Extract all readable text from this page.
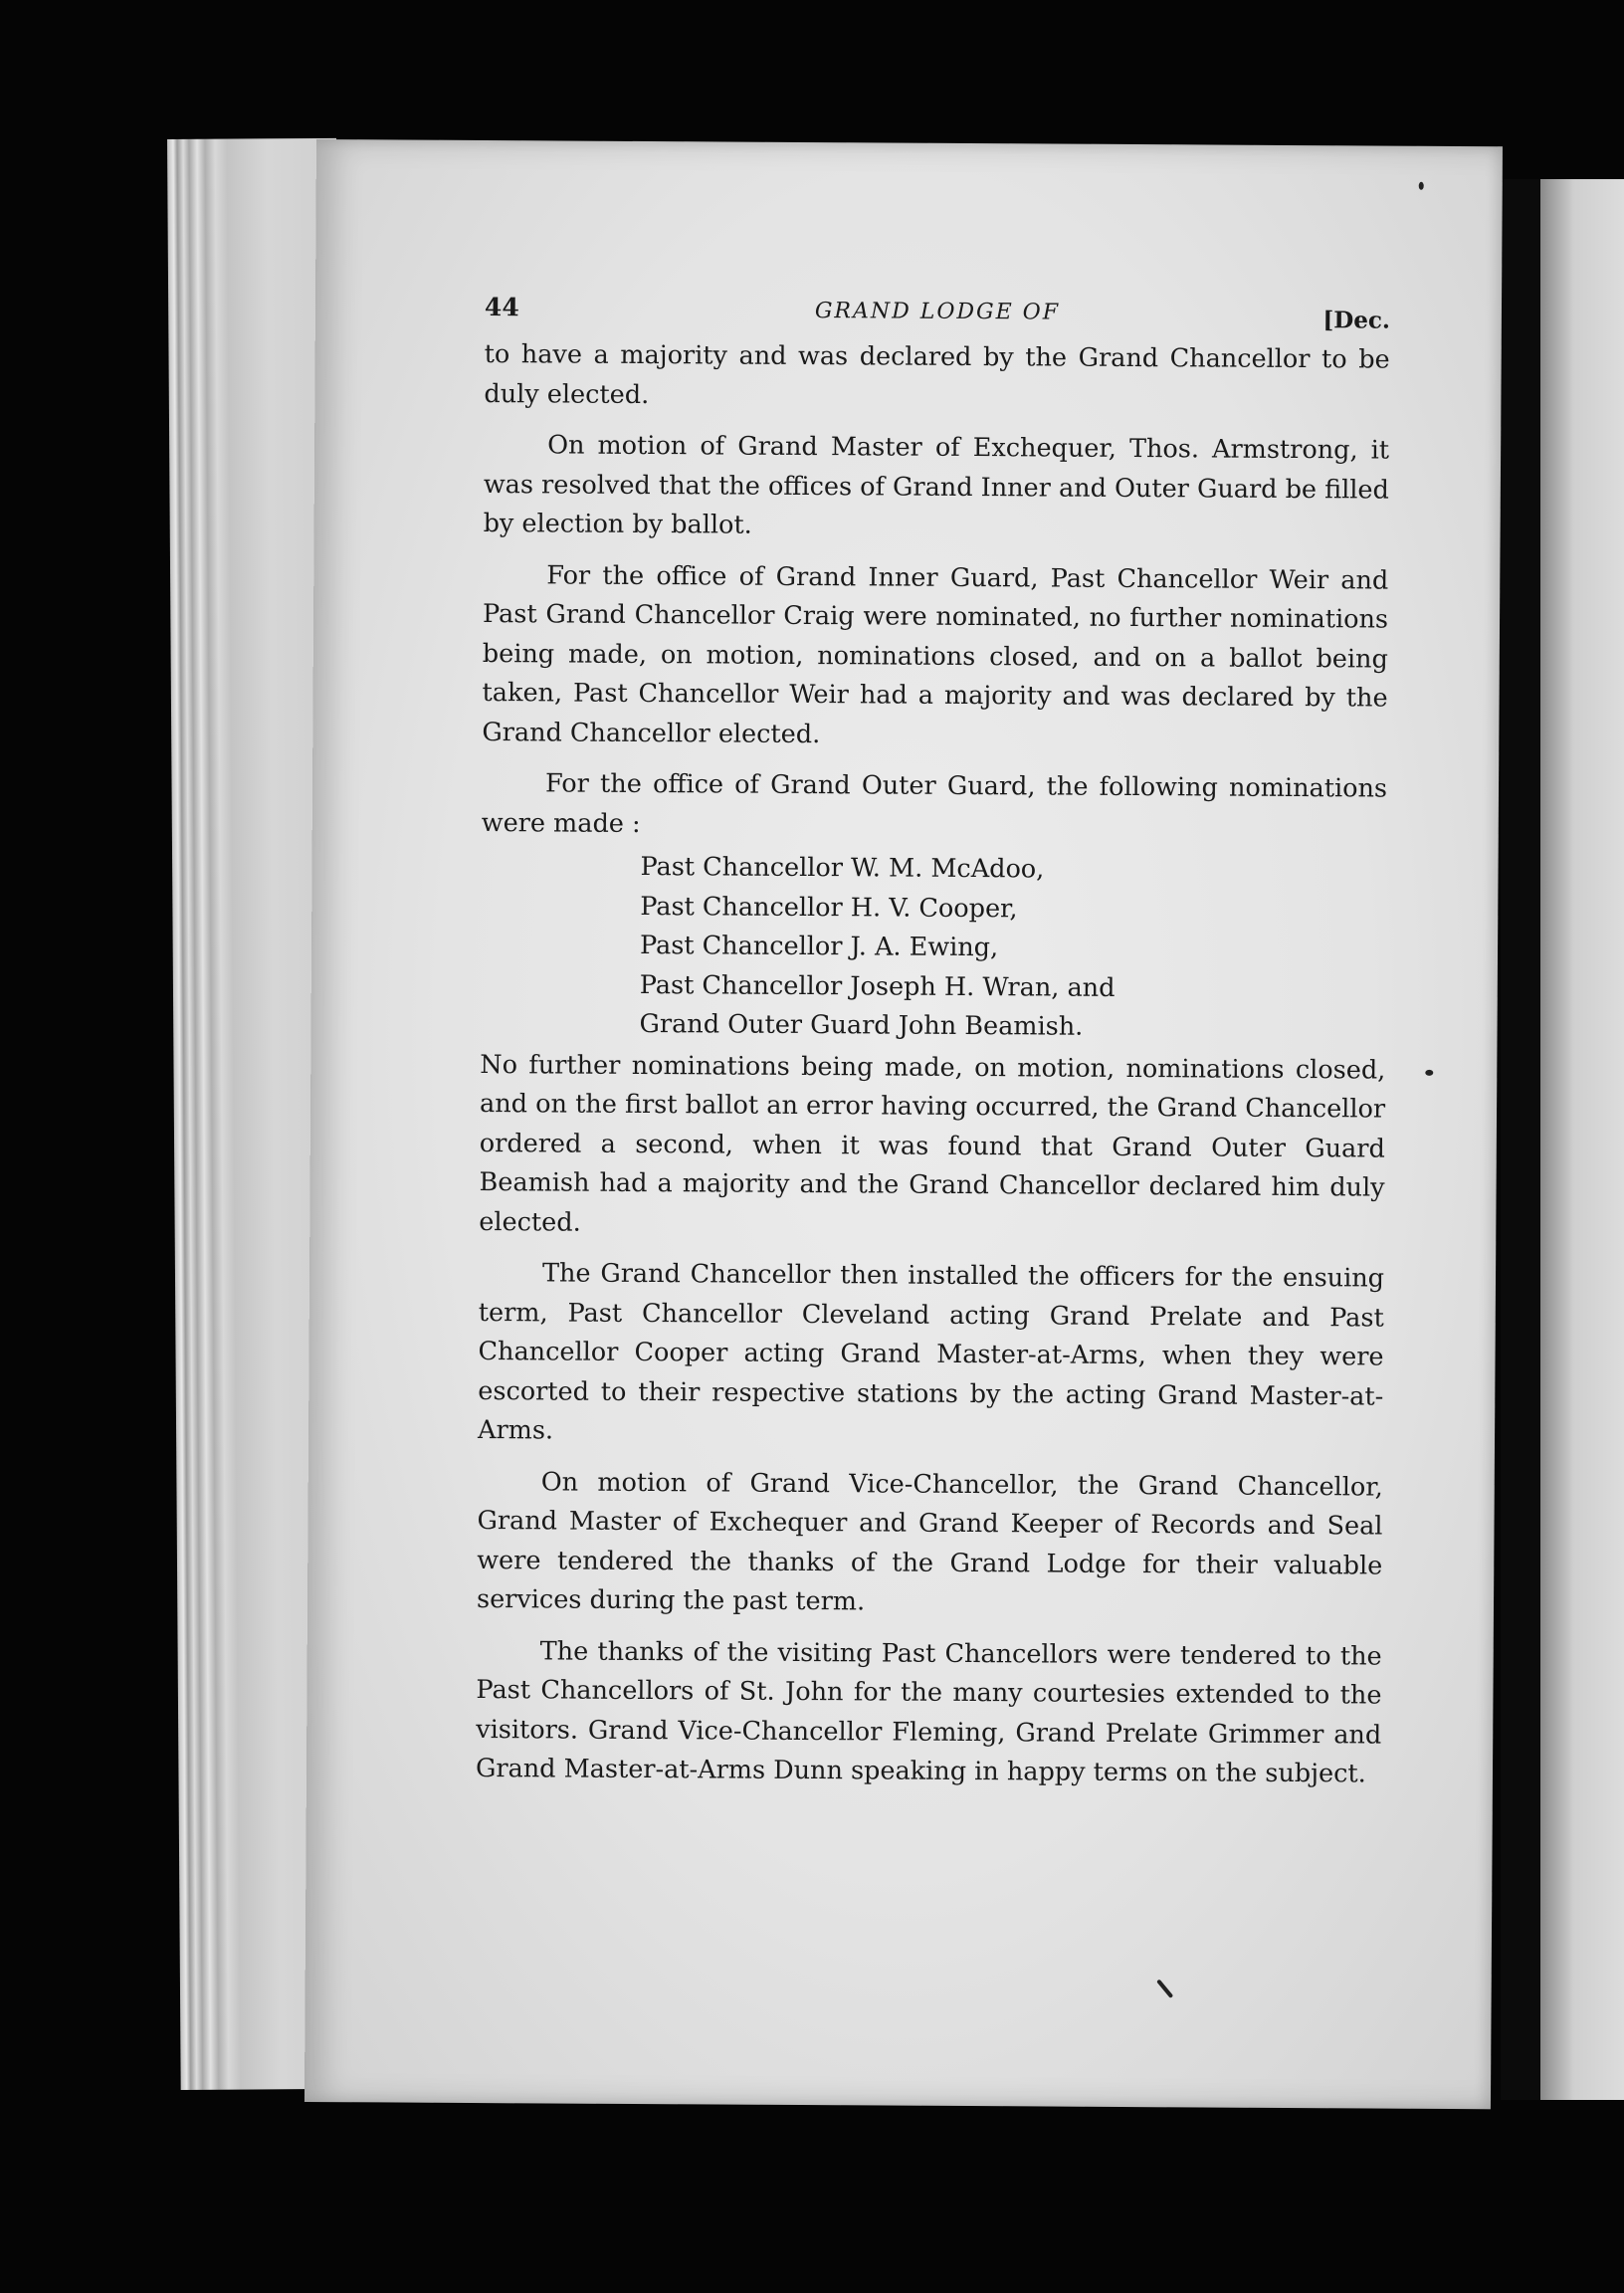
44	GRAND LODGE OF	[Dec.

to have a majority and was declared by the Grand Chancellor to be duly elected.

On motion of Grand Master of Exchequer, Thos. Armstrong, it was resolved that the offices of Grand Inner and Outer Guard be filled by election by ballot.

For the office of Grand Inner Guard, Past Chancellor Weir and Past Grand Chancellor Craig were nominated, no further nominations being made, on motion, nominations closed, and on a ballot being taken, Past Chancellor Weir had a majority and was declared by the Grand Chancellor elected.

For the office of Grand Outer Guard, the following nominations were made :

Past Chancellor W. M. McAdoo,
Past Chancellor H. V. Cooper,
Past Chancellor J. A. Ewing,
Past Chancellor Joseph H. Wran, and
Grand Outer Guard John Beamish.

No further nominations being made, on motion, nominations closed, and on the first ballot an error having occurred, the Grand Chancellor ordered a second, when it was found that Grand Outer Guard Beamish had a majority and the Grand Chancellor declared him duly elected.

The Grand Chancellor then installed the officers for the ensuing term, Past Chancellor Cleveland acting Grand Prelate and Past Chancellor Cooper acting Grand Master-at-Arms, when they were escorted to their respective stations by the acting Grand Master-at-Arms.

On motion of Grand Vice-Chancellor, the Grand Chancellor, Grand Master of Exchequer and Grand Keeper of Records and Seal were tendered the thanks of the Grand Lodge for their valuable services during the past term.

The thanks of the visiting Past Chancellors were tendered to the Past Chancellors of St. John for the many courtesies extended to the visitors. Grand Vice-Chancellor Fleming, Grand Prelate Grimmer and Grand Master-at-Arms Dunn speaking in happy terms on the subject.
